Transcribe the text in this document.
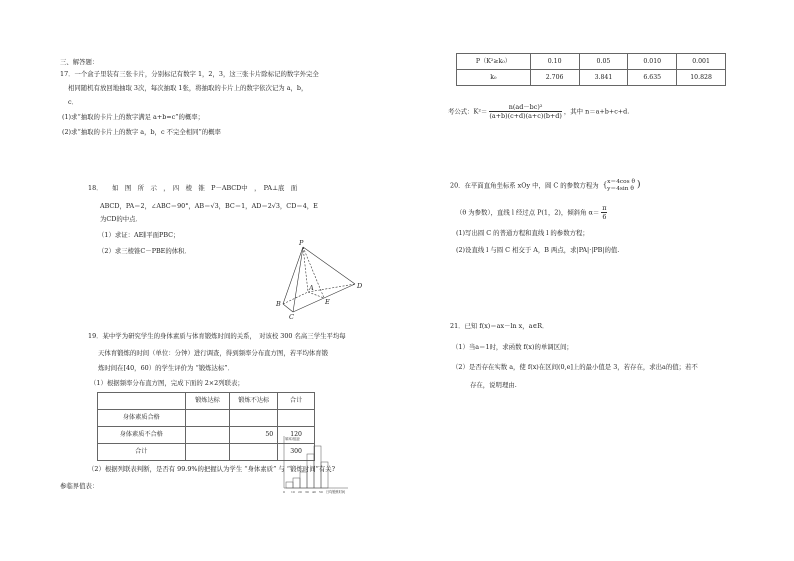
三、解答题：
17．一个盒子里装有三张卡片，分别标记有数字 1，2，3，这三张卡片除标记的数字外完全
相同随机有放回地抽取 3次，每次抽取 1张，将抽取的卡片上的数字依次记为 a，b，
c．
(1)求“抽取的卡片上的数字满足 a+b=c”的概率；
(2)求“抽取的卡片上的数字 a，b，c 不完全相同”的概率
18．　　如　图　所　示　，　四　棱　锥　P－ABCD中　，　PA⊥底　面
ABCD，PA＝2，∠ABC＝90°，AB＝√3，BC＝1，AD＝2√3，CD＝4，E
为CD的中点．
（1）求证：AE∥平面PBC；
（2）求三棱锥C－PBE的体积．
P
A
B
C
D
E
19．某中学为研究学生的身体素质与体育锻炼时间的关系，　对该校 300 名高三学生平均每
天体育锻炼的时间（单位：分钟）进行调查，得到频率分布直方图，若平均体育锻
炼时间在[40，60）的学生评价为 “锻炼达标”．
（1）根据频率分布直方图，完成下面的 2×2列联表；
	锻炼达标	锻炼不达标	合计
身体素质合格			
身体素质不合格		50	120
合计			300
频率/组距
日均锻炼时间
0 10 20 30 40 50
（2）根据列联表判断，是否有 99.9%的把握认为学生 “身体素质” 与 “锻炼时间”有关?
参临界值表：
P（K²≥k₀）	0.10	0.05	0.010	0.001
k₀	2.706	3.841	6.635	10.828
考公式：$K^2= \frac{\text{n(ad－bc)²}}{(a+b)(c+d)(a+c)(b+d)}$ ，其中 n＝a+b+c+d.
20．在平面直角坐标系 xOy 中，圆 C 的参数方程为 { x＝4cos θ
y＝4sin θ )
（θ 为参数），直线 l 经过点 P(1，2)，倾斜角 $\alpha= \frac{\pi}{6}$
(1)写出圆 C 的普通方程和直线 l 的参数方程；
(2)设直线 l 与圆 C 相交于 A，B 两点，求|PA|·|PB|的值.
21．已知 f(x)＝ax－ln x，a∈R．
（1）当a＝1时，求函数 f(x)的单调区间；
（2）是否存在实数 a，使 f(x)在区间(0,e]上的最小值是 3，若存在，求出a的值；若不
存在，说明理由.
